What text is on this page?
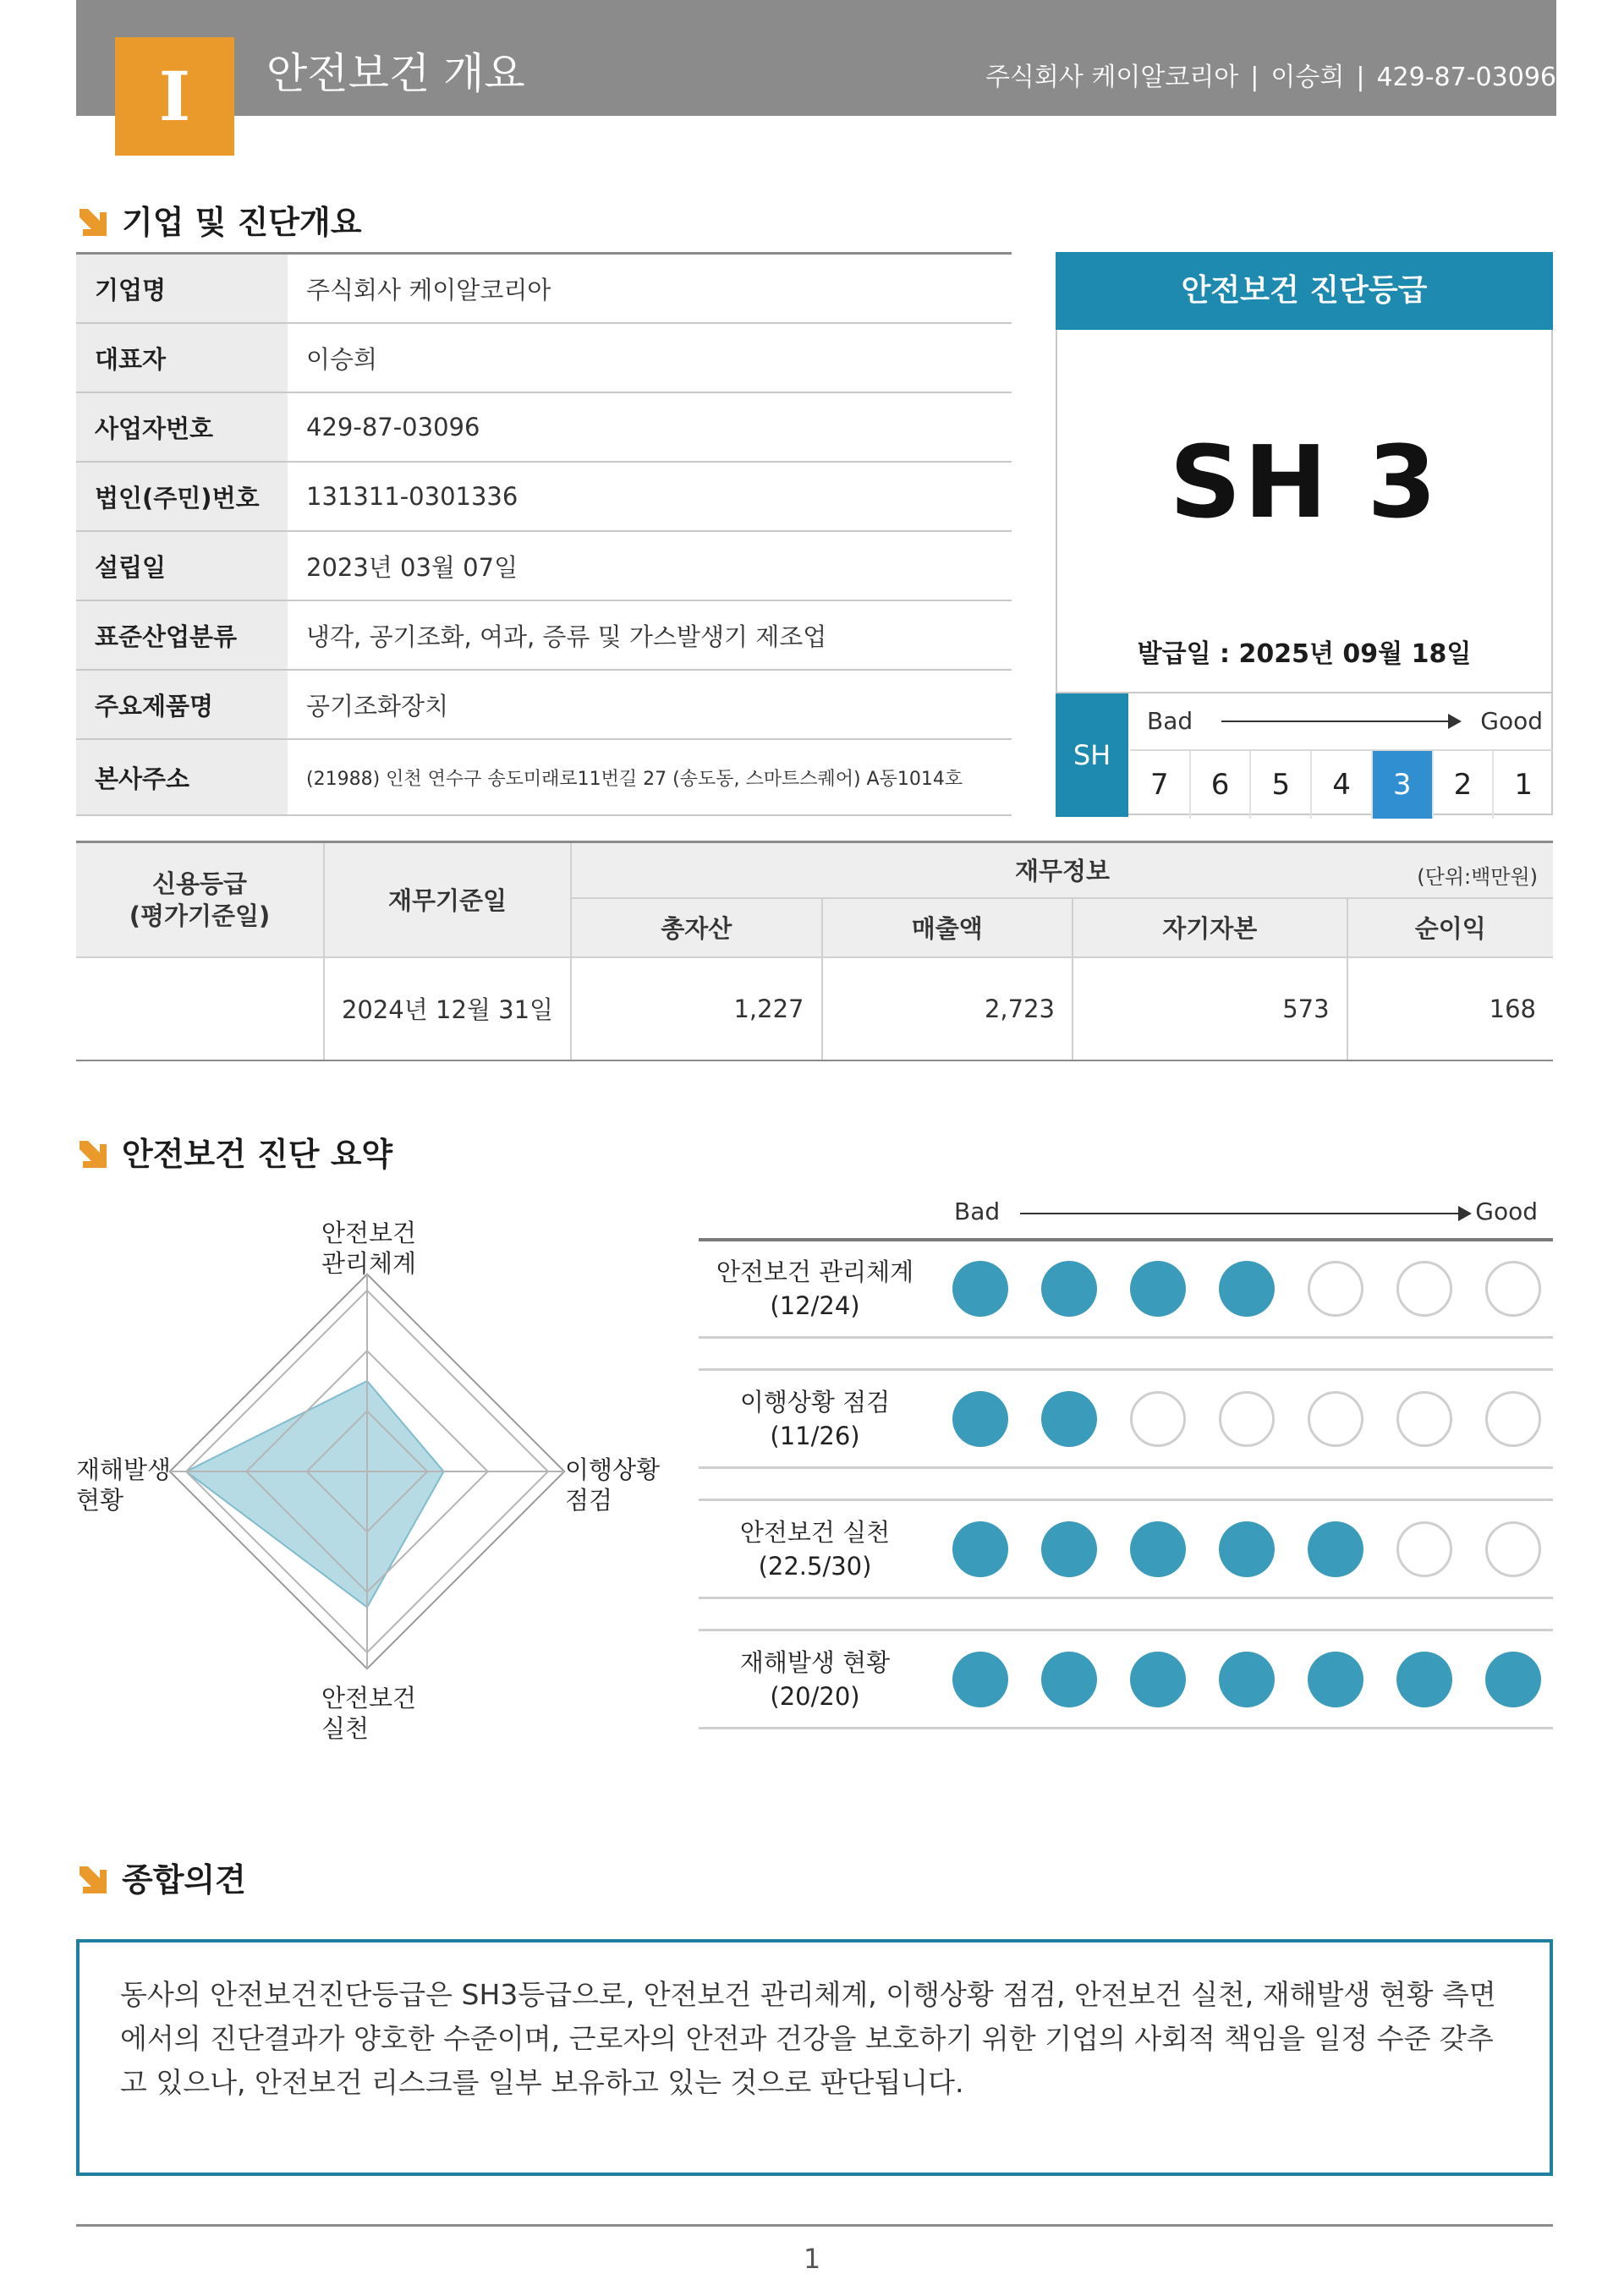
I	안전보건 개요	주식회사 케이알코리아 | 이승희 | 429-87-03096
기업 및 진단개요
기업명	주식회사 케이알코리아
대표자	이승희
사업자번호	429-87-03096
법인(주민)번호	131311-0301336
설립일	2023년 03월 07일
표준산업분류	냉각, 공기조화, 여과, 증류 및 가스발생기 제조업
주요제품명	공기조화장치
본사주소	(21988) 인천 연수구 송도미래로11번길 27 (송도동, 스마트스퀘어) A동1014호
안전보건 진단등급
SH 3
발급일 : 2025년 09월 18일
SH
Bad	Good
7	6	5	4	3	2	1
신용등급
(평가기준일)	재무기준일	재무정보 (단위:백만원)			

		총자산	매출액	자기자본	순이익
	2024년 12월 31일	1,227	2,723	573	168
안전보건 진단 요약
안전보건
관리체계
이행상황
점검
안전보건
실천
재해발생
현황
Bad	Good
안전보건 관리체계
(12/24)
이행상황 점검
(11/26)
안전보건 실천
(22.5/30)
재해발생 현황
(20/20)
종합의견
동사의 안전보건진단등급은 SH3등급으로, 안전보건 관리체계, 이행상황 점검, 안전보건 실천, 재해발생 현황 측면에서의 진단결과가 양호한 수준이며, 근로자의 안전과 건강을 보호하기 위한 기업의 사회적 책임을 일정 수준 갖추고 있으나, 안전보건 리스크를 일부 보유하고 있는 것으로 판단됩니다.
1
